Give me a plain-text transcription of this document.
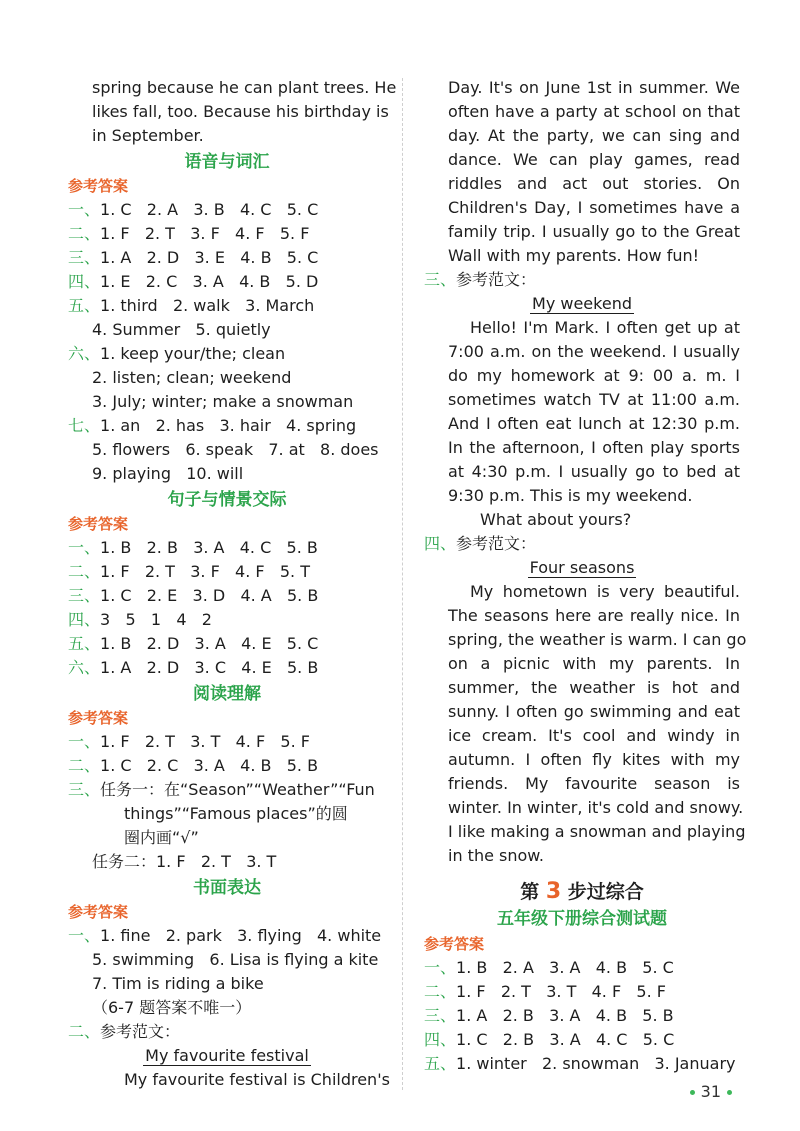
spring because he can plant trees. He
likes fall, too. Because his birthday is
in September.
语音与词汇
参考答案
一、1. C   2. A   3. B   4. C   5. C
二、1. F   2. T   3. F   4. F   5. F
三、1. A   2. D   3. E   4. B   5. C
四、1. E   2. C   3. A   4. B   5. D
五、1. third   2. walk   3. March
4. Summer   5. quietly
六、1. keep your/the; clean
2. listen; clean; weekend
3. July; winter; make a snowman
七、1. an   2. has   3. hair   4. spring
5. flowers   6. speak   7. at   8. does
9. playing   10. will
句子与情景交际
参考答案
一、1. B   2. B   3. A   4. C   5. B
二、1. F   2. T   3. F   4. F   5. T
三、1. C   2. E   3. D   4. A   5. B
四、3   5   1   4   2
五、1. B   2. D   3. A   4. E   5. C
六、1. A   2. D   3. C   4. E   5. B
阅读理解
参考答案
一、1. F   2. T   3. T   4. F   5. F
二、1. C   2. C   3. A   4. B   5. B
三、任务一：在“Season”“Weather”“Fun
things”“Famous places”的圆
圈内画“√”
任务二：1. F   2. T   3. T
书面表达
参考答案
一、1. fine   2. park   3. flying   4. white
5. swimming   6. Lisa is flying a kite
7. Tim is riding a bike
（6-7 题答案不唯一）
二、参考范文：
My favourite festival
My favourite festival is Children's
Day. It's on June 1st in summer. We
often have a party at school on that
day. At the party, we can sing and
dance. We can play games, read
riddles and act out stories. On
Children's Day, I sometimes have a
family trip. I usually go to the Great
Wall with my parents. How fun!
三、参考范文：
My weekend
Hello! I'm Mark. I often get up at
7:00 a.m. on the weekend. I usually
do my homework at 9: 00 a. m. I
sometimes watch TV at 11:00 a.m.
And I often eat lunch at 12:30 p.m.
In the afternoon, I often play sports
at 4:30 p.m. I usually go to bed at
9:30 p.m. This is my weekend.
What about yours?
四、参考范文：
Four seasons
My hometown is very beautiful.
The seasons here are really nice. In
spring, the weather is warm. I can go
on a picnic with my parents. In
summer, the weather is hot and
sunny. I often go swimming and eat
ice cream. It's cool and windy in
autumn. I often fly kites with my
friends. My favourite season is
winter. In winter, it's cold and snowy.
I like making a snowman and playing
in the snow.
第 3 步过综合
五年级下册综合测试题
参考答案
一、1. B   2. A   3. A   4. B   5. C
二、1. F   2. T   3. T   4. F   5. F
三、1. A   2. B   3. A   4. B   5. B
四、1. C   2. B   3. A   4. C   5. C
五、1. winter   2. snowman   3. January
31
